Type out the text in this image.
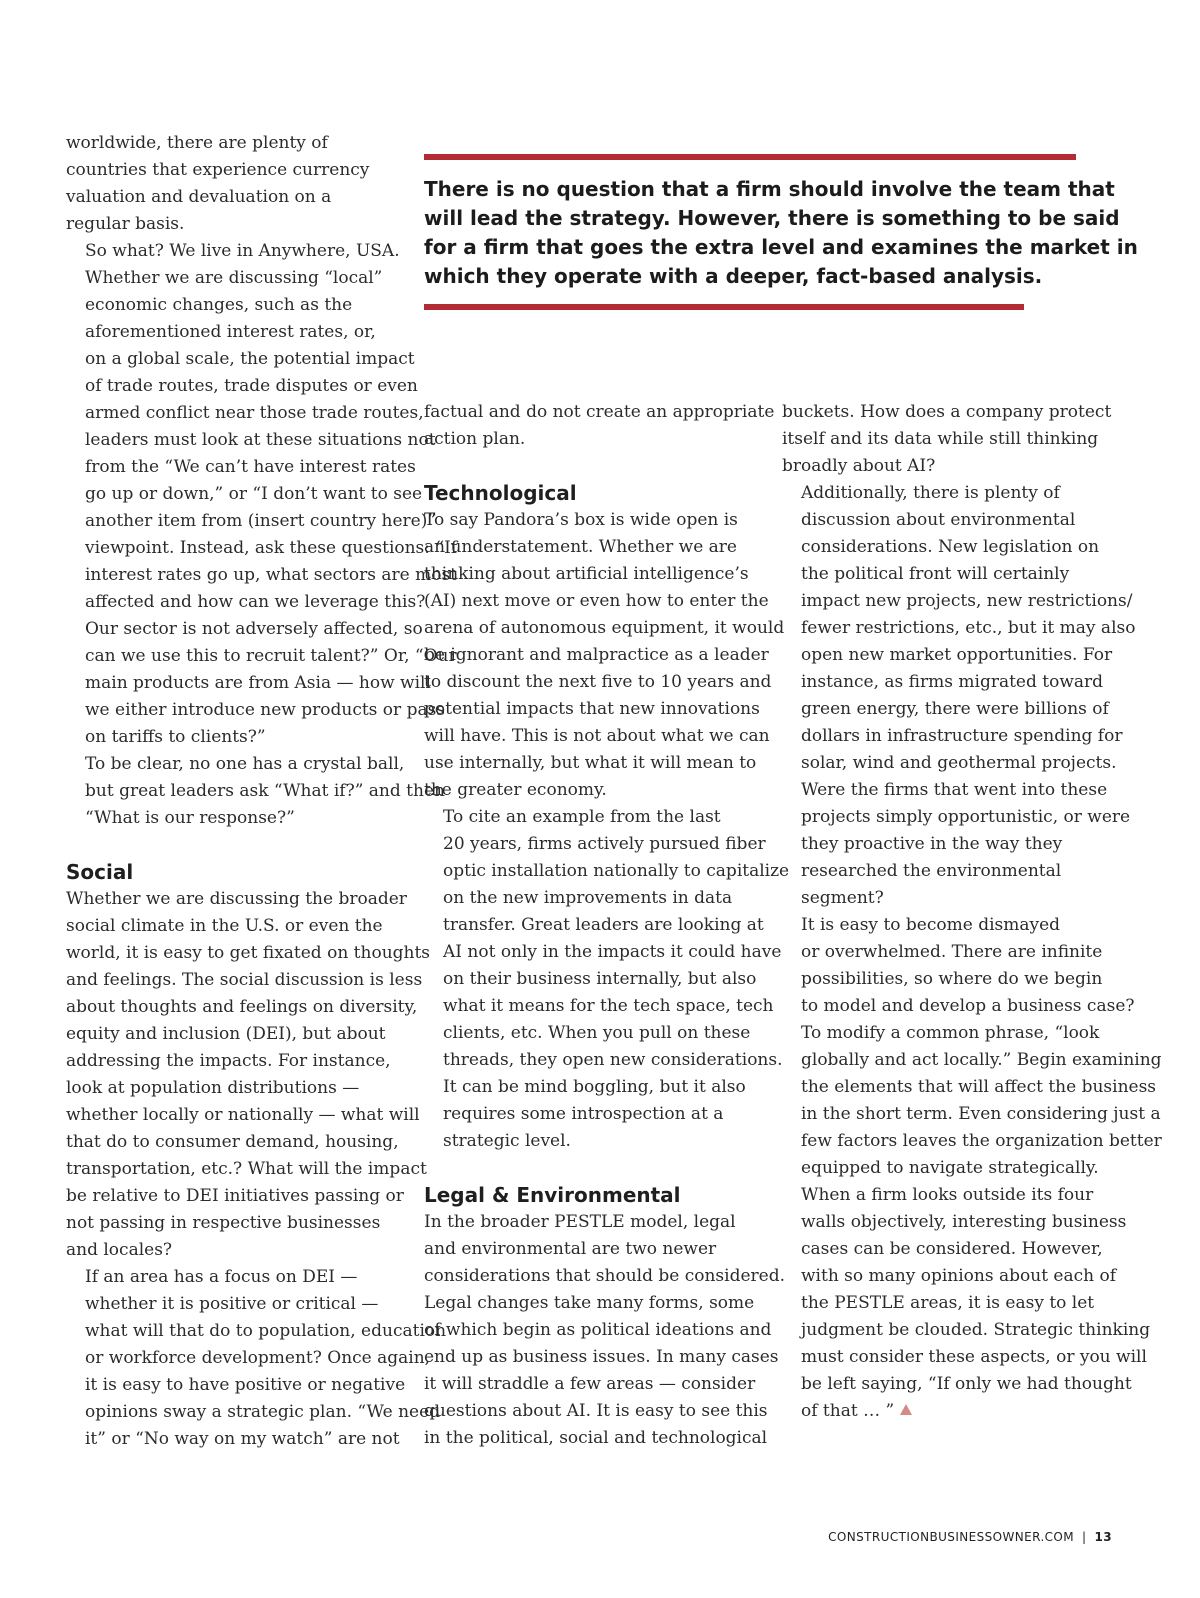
There is no question that a firm should involve the team that
will lead the strategy. However, there is something to be said
for a firm that goes the extra level and examines the market in
which they operate with a deeper, fact-based analysis.

worldwide, there are plenty of
countries that experience currency
valuation and devaluation on a
regular basis.

So what? We live in Anywhere, USA.

Whether we are discussing “local”
economic changes, such as the
aforementioned interest rates, or,
on a global scale, the potential impact
of trade routes, trade disputes or even
armed conflict near those trade routes,
leaders must look at these situations not
from the “We can’t have interest rates
go up or down,” or “I don’t want to see
another item from (insert country here)”
viewpoint. Instead, ask these questions: “If
interest rates go up, what sectors are most
affected and how can we leverage this?
Our sector is not adversely affected, so
can we use this to recruit talent?” Or, “Our
main products are from Asia — how will
we either introduce new products or pass
on tariffs to clients?”

To be clear, no one has a crystal ball,
but great leaders ask “What if?” and then
“What is our response?”

Social

Whether we are discussing the broader
social climate in the U.S. or even the
world, it is easy to get fixated on thoughts
and feelings. The social discussion is less
about thoughts and feelings on diversity,
equity and inclusion (DEI), but about
addressing the impacts. For instance,
look at population distributions —
whether locally or nationally — what will
that do to consumer demand, housing,
transportation, etc.? What will the impact
be relative to DEI initiatives passing or
not passing in respective businesses
and locales?

If an area has a focus on DEI —
whether it is positive or critical —
what will that do to population, education
or workforce development? Once again,
it is easy to have positive or negative
opinions sway a strategic plan. “We need
it” or “No way on my watch” are not

factual and do not create an appropriate
action plan.

Technological

To say Pandora’s box is wide open is
an understatement. Whether we are
thinking about artificial intelligence’s
(AI) next move or even how to enter the
arena of autonomous equipment, it would
be ignorant and malpractice as a leader
to discount the next five to 10 years and
potential impacts that new innovations
will have. This is not about what we can
use internally, but what it will mean to
the greater economy.

To cite an example from the last
20 years, firms actively pursued fiber
optic installation nationally to capitalize
on the new improvements in data
transfer. Great leaders are looking at
AI not only in the impacts it could have
on their business internally, but also
what it means for the tech space, tech
clients, etc. When you pull on these
threads, they open new considerations.
It can be mind boggling, but it also
requires some introspection at a
strategic level.

Legal & Environmental

In the broader PESTLE model, legal
and environmental are two newer
considerations that should be considered.
Legal changes take many forms, some
of which begin as political ideations and
end up as business issues. In many cases
it will straddle a few areas — consider
questions about AI. It is easy to see this
in the political, social and technological

buckets. How does a company protect
itself and its data while still thinking
broadly about AI?

Additionally, there is plenty of
discussion about environmental
considerations. New legislation on
the political front will certainly
impact new projects, new restrictions/
fewer restrictions, etc., but it may also
open new market opportunities. For
instance, as firms migrated toward
green energy, there were billions of
dollars in infrastructure spending for
solar, wind and geothermal projects.
Were the firms that went into these
projects simply opportunistic, or were
they proactive in the way they
researched the environmental
segment?

It is easy to become dismayed
or overwhelmed. There are infinite
possibilities, so where do we begin
to model and develop a business case?
To modify a common phrase, “look
globally and act locally.” Begin examining
the elements that will affect the business
in the short term. Even considering just a
few factors leaves the organization better
equipped to navigate strategically.

When a firm looks outside its four
walls objectively, interesting business
cases can be considered. However,
with so many opinions about each of
the PESTLE areas, it is easy to let
judgment be clouded. Strategic thinking
must consider these aspects, or you will
be left saying, “If only we had thought
of that … ”

CONSTRUCTIONBUSINESSOWNER.COM | 13
